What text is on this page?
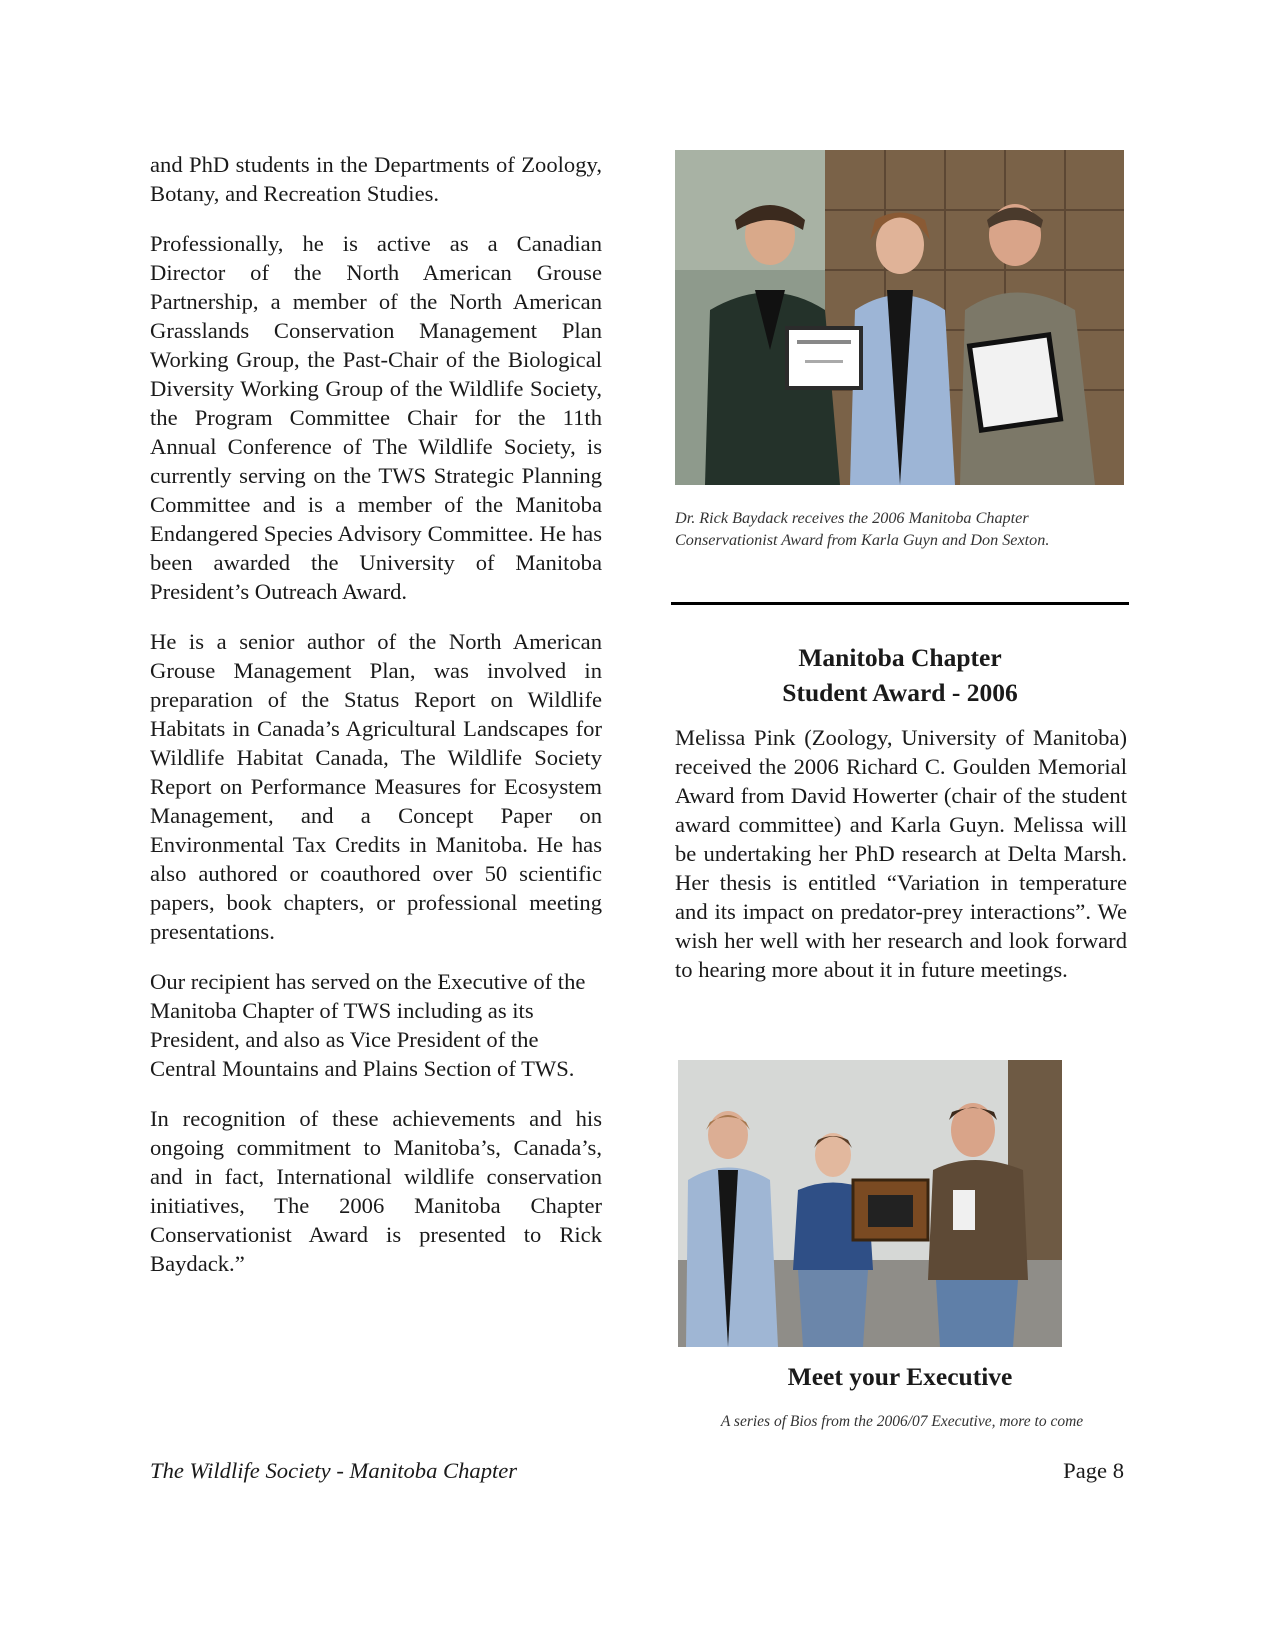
and PhD students in the Departments of Zoology, Botany, and Recreation Studies.

Professionally, he is active as a Canadian Director of the North American Grouse Partnership, a member of the North American Grasslands Conservation Management Plan Working Group, the Past-Chair of the Biological Diversity Working Group of the Wildlife Society, the Program Committee Chair for the 11th Annual Conference of The Wildlife Society, is currently serving on the TWS Strategic Planning Committee and is a member of the Manitoba Endangered Species Advisory Committee. He has been awarded the University of Manitoba President’s Outreach Award.

He is a senior author of the North American Grouse Management Plan, was involved in preparation of the Status Report on Wildlife Habitats in Canada’s Agricultural Landscapes for Wildlife Habitat Canada, The Wildlife Society Report on Performance Measures for Ecosystem Management, and a Concept Paper on Environmental Tax Credits in Manitoba. He has also authored or coauthored over 50 scientific papers, book chapters, or professional meeting presentations.

Our recipient has served on the Executive of the Manitoba Chapter of TWS including as its President, and also as Vice President of the Central Mountains and Plains Section of TWS.

In recognition of these achievements and his ongoing commitment to Manitoba’s, Canada’s, and in fact, International wildlife conservation initiatives, The 2006 Manitoba Chapter Conservationist Award is presented to Rick Baydack.”

Dr. Rick Baydack receives the 2006 Manitoba Chapter Conservationist Award from Karla Guyn and Don Sexton.
Manitoba Chapter
Student Award - 2006

Melissa Pink (Zoology, University of Manitoba) received the 2006 Richard C. Goulden Memorial Award from David Howerter (chair of the student award committee) and Karla Guyn. Melissa will be undertaking her PhD research at Delta Marsh. Her thesis is entitled “Variation in temperature and its impact on predator-prey interactions”. We wish her well with her research and look forward to hearing more about it in future meetings.

Meet your Executive
A series of Bios from the 2006/07 Executive, more to come
The Wildlife Society - Manitoba Chapter	Page 8
